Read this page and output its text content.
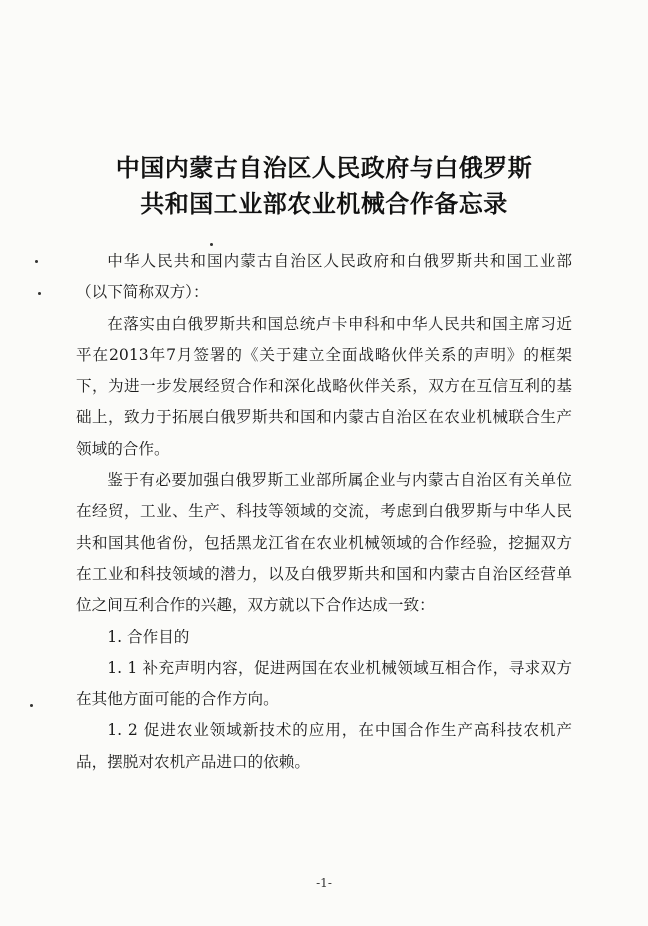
中国内蒙古自治区人民政府与白俄罗斯
共和国工业部农业机械合作备忘录

中华人民共和国内蒙古自治区人民政府和白俄罗斯共和国工业部（以下简称双方）：

在落实由白俄罗斯共和国总统卢卡申科和中华人民共和国主席习近平在2013年7月签署的《关于建立全面战略伙伴关系的声明》的框架下，为进一步发展经贸合作和深化战略伙伴关系，双方在互信互利的基础上，致力于拓展白俄罗斯共和国和内蒙古自治区在农业机械联合生产领域的合作。

鉴于有必要加强白俄罗斯工业部所属企业与内蒙古自治区有关单位在经贸，工业、生产、科技等领域的交流，考虑到白俄罗斯与中华人民共和国其他省份，包括黑龙江省在农业机械领域的合作经验，挖掘双方在工业和科技领域的潜力，以及白俄罗斯共和国和内蒙古自治区经营单位之间互利合作的兴趣，双方就以下合作达成一致：

1. 合作目的

1. 1 补充声明内容，促进两国在农业机械领域互相合作，寻求双方在其他方面可能的合作方向。

1. 2 促进农业领域新技术的应用，在中国合作生产高科技农机产品，摆脱对农机产品进口的依赖。

-1-
